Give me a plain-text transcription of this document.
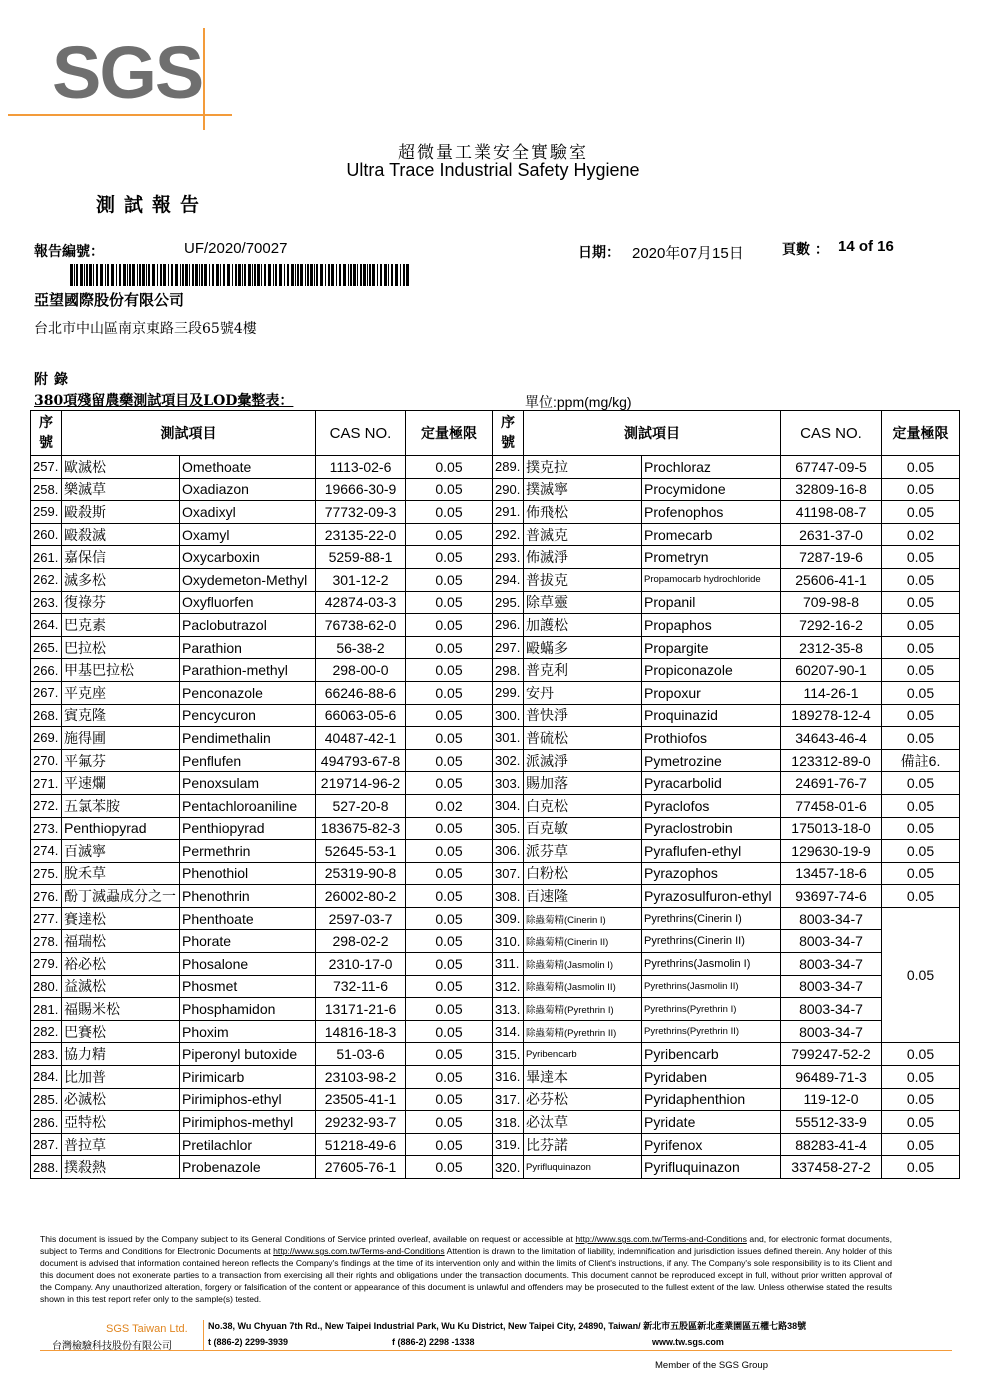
SGS
超微量工業安全實驗室
Ultra Trace Industrial Safety Hygiene
測試報告
報告編號：	UF/2020/70027	日期： 2020年07月15日	頁數 ： 14 of 16
亞望國際股份有限公司
台北市中山區南京東路三段65號4樓
附錄
380項殘留農藥測試項目及LOD彙整表：	單位:ppm(mg/kg)
序號	測試項目		CAS NO.	定量極限	序號	測試項目		CAS NO.	定量極限
257.	歐滅松	Omethoate	1113-02-6	0.05	289.	撲克拉	Prochloraz	67747-09-5	0.05
258.	樂滅草	Oxadiazon	19666-30-9	0.05	290.	撲滅寧	Procymidone	32809-16-8	0.05
259.	毆殺斯	Oxadixyl	77732-09-3	0.05	291.	佈飛松	Profenophos	41198-08-7	0.05
260.	毆殺滅	Oxamyl	23135-22-0	0.05	292.	普滅克	Promecarb	2631-37-0	0.02
261.	嘉保信	Oxycarboxin	5259-88-1	0.05	293.	佈滅淨	Prometryn	7287-19-6	0.05
262.	滅多松	Oxydemeton-Methyl	301-12-2	0.05	294.	普拔克	Propamocarb hydrochloride	25606-41-1	0.05
263.	復祿芬	Oxyfluorfen	42874-03-3	0.05	295.	除草靈	Propanil	709-98-8	0.05
264.	巴克素	Paclobutrazol	76738-62-0	0.05	296.	加護松	Propaphos	7292-16-2	0.05
265.	巴拉松	Parathion	56-38-2	0.05	297.	毆蟎多	Propargite	2312-35-8	0.05
266.	甲基巴拉松	Parathion-methyl	298-00-0	0.05	298.	普克利	Propiconazole	60207-90-1	0.05
267.	平克座	Penconazole	66246-88-6	0.05	299.	安丹	Propoxur	114-26-1	0.05
268.	賓克隆	Pencycuron	66063-05-6	0.05	300.	普快淨	Proquinazid	189278-12-4	0.05
269.	施得圃	Pendimethalin	40487-42-1	0.05	301.	普硫松	Prothiofos	34643-46-4	0.05
270.	平氟芬	Penflufen	494793-67-8	0.05	302.	派滅淨	Pymetrozine	123312-89-0	備註6.
271.	平速爛	Penoxsulam	219714-96-2	0.05	303.	賜加落	Pyracarbolid	24691-76-7	0.05
272.	五氯苯胺	Pentachloroaniline	527-20-8	0.02	304.	白克松	Pyraclofos	77458-01-6	0.05
273.	Penthiopyrad	Penthiopyrad	183675-82-3	0.05	305.	百克敏	Pyraclostrobin	175013-18-0	0.05
274.	百滅寧	Permethrin	52645-53-1	0.05	306.	派芬草	Pyraflufen-ethyl	129630-19-9	0.05
275.	脫禾草	Phenothiol	25319-90-8	0.05	307.	白粉松	Pyrazophos	13457-18-6	0.05
276.	酚丁滅蝨成分之一	Phenothrin	26002-80-2	0.05	308.	百速隆	Pyrazosulfuron-ethyl	93697-74-6	0.05
277.	賽達松	Phenthoate	2597-03-7	0.05	309.	除蟲菊精(Cinerin I)	Pyrethrins(Cinerin I)	8003-34-7	0.05
278.	福瑞松	Phorate	298-02-2	0.05	310.	除蟲菊精(Cinerin II)	Pyrethrins(Cinerin II)	8003-34-7	
279.	裕必松	Phosalone	2310-17-0	0.05	311.	除蟲菊精(Jasmolin I)	Pyrethrins(Jasmolin I)	8003-34-7	
280.	益滅松	Phosmet	732-11-6	0.05	312.	除蟲菊精(Jasmolin II)	Pyrethrins(Jasmolin II)	8003-34-7	
281.	福賜米松	Phosphamidon	13171-21-6	0.05	313.	除蟲菊精(Pyrethrin I)	Pyrethrins(Pyrethrin I)	8003-34-7	
282.	巴賽松	Phoxim	14816-18-3	0.05	314.	除蟲菊精(Pyrethrin II)	Pyrethrins(Pyrethrin II)	8003-34-7	
283.	協力精	Piperonyl butoxide	51-03-6	0.05	315.	Pyribencarb	Pyribencarb	799247-52-2	0.05
284.	比加普	Pirimicarb	23103-98-2	0.05	316.	畢達本	Pyridaben	96489-71-3	0.05
285.	必滅松	Pirimiphos-ethyl	23505-41-1	0.05	317.	必芬松	Pyridaphenthion	119-12-0	0.05
286.	亞特松	Pirimiphos-methyl	29232-93-7	0.05	318.	必汰草	Pyridate	55512-33-9	0.05
287.	普拉草	Pretilachlor	51218-49-6	0.05	319.	比芬諾	Pyrifenox	88283-41-4	0.05
288.	撲殺熱	Probenazole	27605-76-1	0.05	320.	Pyrifluquinazon	Pyrifluquinazon	337458-27-2	0.05
This document is issued by the Company subject to its General Conditions of Service printed overleaf, available on request or accessible at http://www.sgs.com.tw/Terms-and-Conditions and, for electronic format documents, subject to Terms and Conditions for Electronic Documents at http://www.sgs.com.tw/Terms-and-Conditions Attention is drawn to the limitation of liability, indemnification and jurisdiction issues defined therein. Any holder of this document is advised that information contained hereon reflects the Company's findings at the time of its intervention only and within the limits of Client's instructions, if any. The Company's sole responsibility is to its Client and this document does not exonerate parties to a transaction from exercising all their rights and obligations under the transaction documents. This document cannot be reproduced except in full, without prior written approval of the Company. Any unauthorized alteration, forgery or falsification of the content or appearance of this document is unlawful and offenders may be prosecuted to the fullest extent of the law. Unless otherwise stated the results shown in this test report refer only to the sample(s) tested.
SGS Taiwan Ltd.
台灣檢驗科技股份有限公司
No.38, Wu Chyuan 7th Rd., New Taipei Industrial Park, Wu Ku District, New Taipei City, 24890, Taiwan/ 新北市五股區新北產業園區五權七路38號
t (886-2) 2299-3939	f (886-2) 2298 -1338	www.tw.sgs.com
Member of the SGS Group
